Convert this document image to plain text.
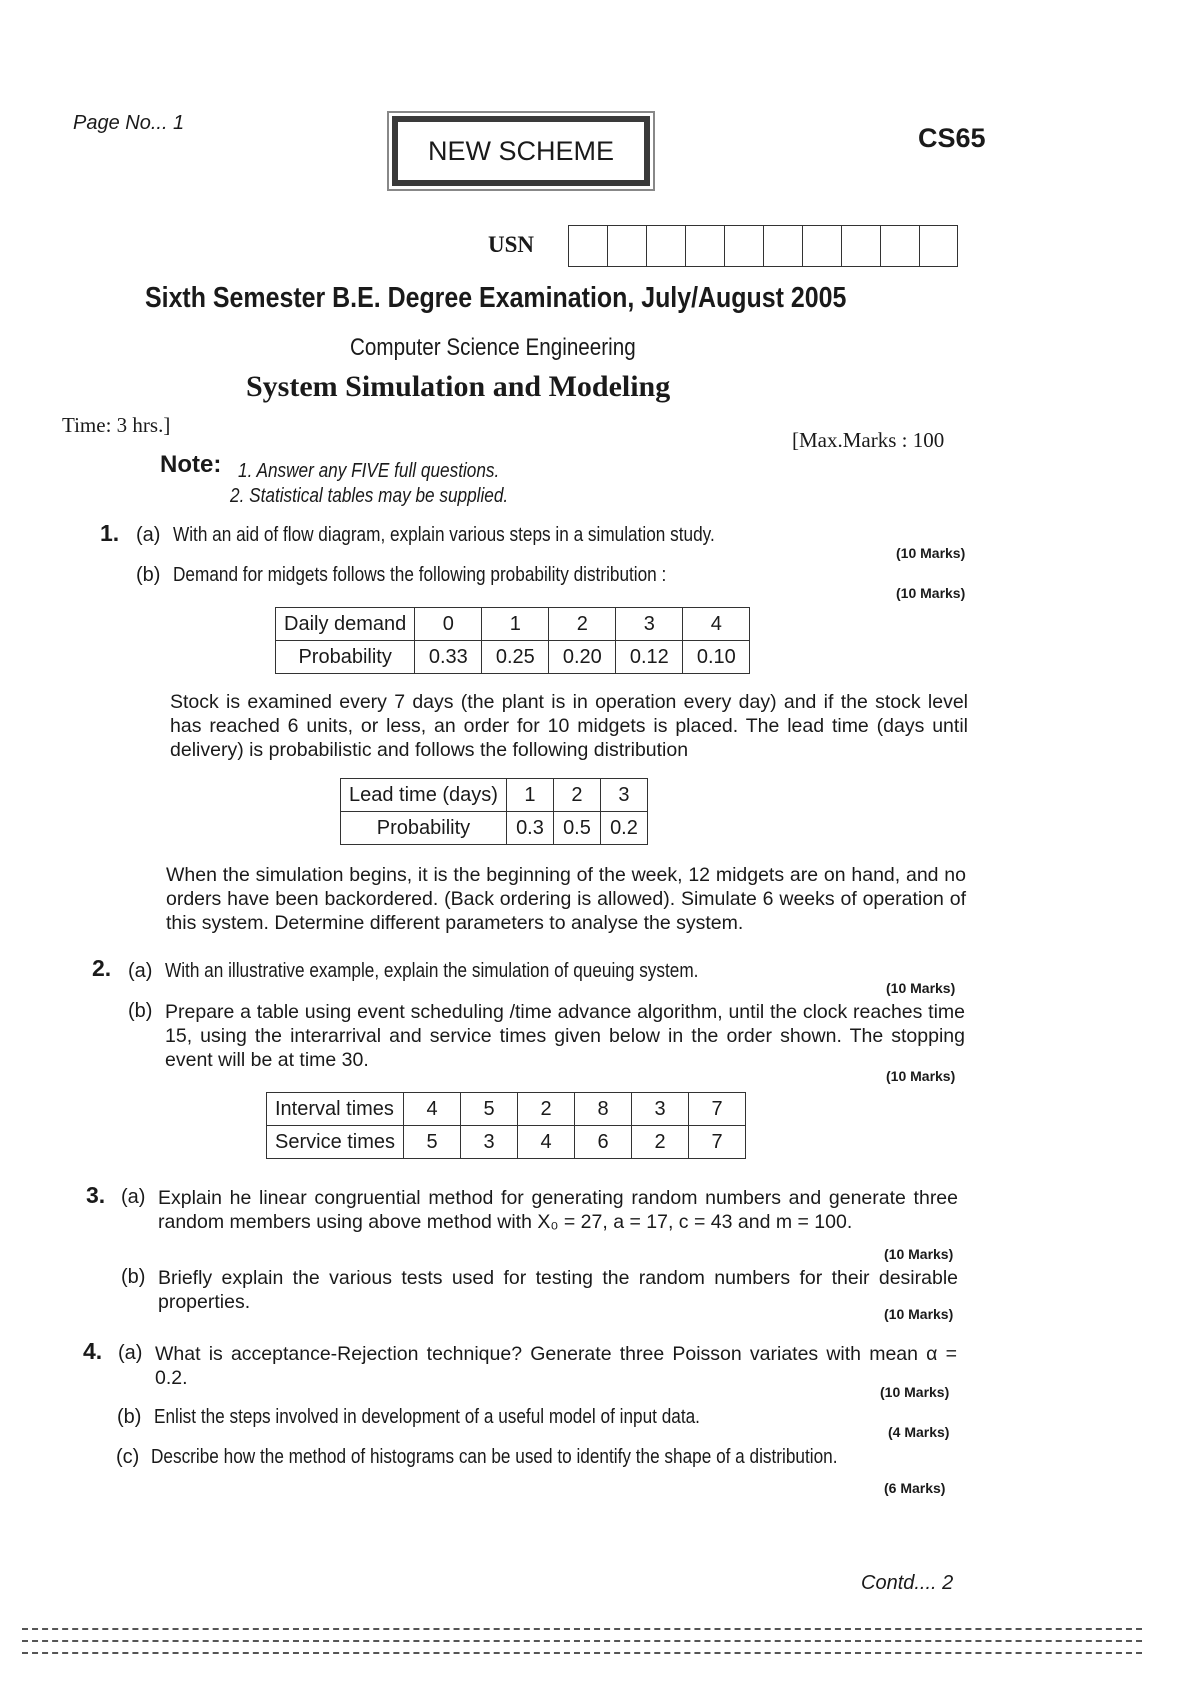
Page No... 1
NEW SCHEME	CS65
USN
Sixth Semester B.E. Degree Examination, July/August 2005
Computer Science Engineering
System Simulation and Modeling
Time: 3 hrs.]
[Max.Marks : 100
Note: 1. Answer any FIVE full questions.
2. Statistical tables may be supplied.
1. (a) With an aid of flow diagram, explain various steps in a simulation study.
(10 Marks)
(b) Demand for midgets follows the following probability distribution :
(10 Marks)
Daily demand	0	1	2	3	4
Probability	0.33	0.25	0.20	0.12	0.10
Stock is examined every 7 days (the plant is in operation every day) and if the stock level has reached 6 units, or less, an order for 10 midgets is placed. The lead time (days until delivery) is probabilistic and follows the following distribution
Lead time (days)	1	2	3
Probability	0.3	0.5	0.2
When the simulation begins, it is the beginning of the week, 12 midgets are on hand, and no orders have been backordered. (Back ordering is allowed). Simulate 6 weeks of operation of this system. Determine different parameters to analyse the system.
2. (a) With an illustrative example, explain the simulation of queuing system.
(10 Marks)
(b) Prepare a table using event scheduling /time advance algorithm, until the clock reaches time 15, using the interarrival and service times given below in the order shown. The stopping event will be at time 30.
(10 Marks)
Interval times	4	5	2	8	3	7
Service times	5	3	4	6	2	7
3. (a) Explain he linear congruential method for generating random numbers and generate three random members using above method with X₀ = 27, a = 17, c = 43 and m = 100.
(10 Marks)
(b) Briefly explain the various tests used for testing the random numbers for their desirable properties.
(10 Marks)
4. (a) What is acceptance-Rejection technique? Generate three Poisson variates with mean α = 0.2.
(10 Marks)
(b) Enlist the steps involved in development of a useful model of input data.
(4 Marks)
(c) Describe how the method of histograms can be used to identify the shape of a distribution.
(6 Marks)
Contd.... 2
